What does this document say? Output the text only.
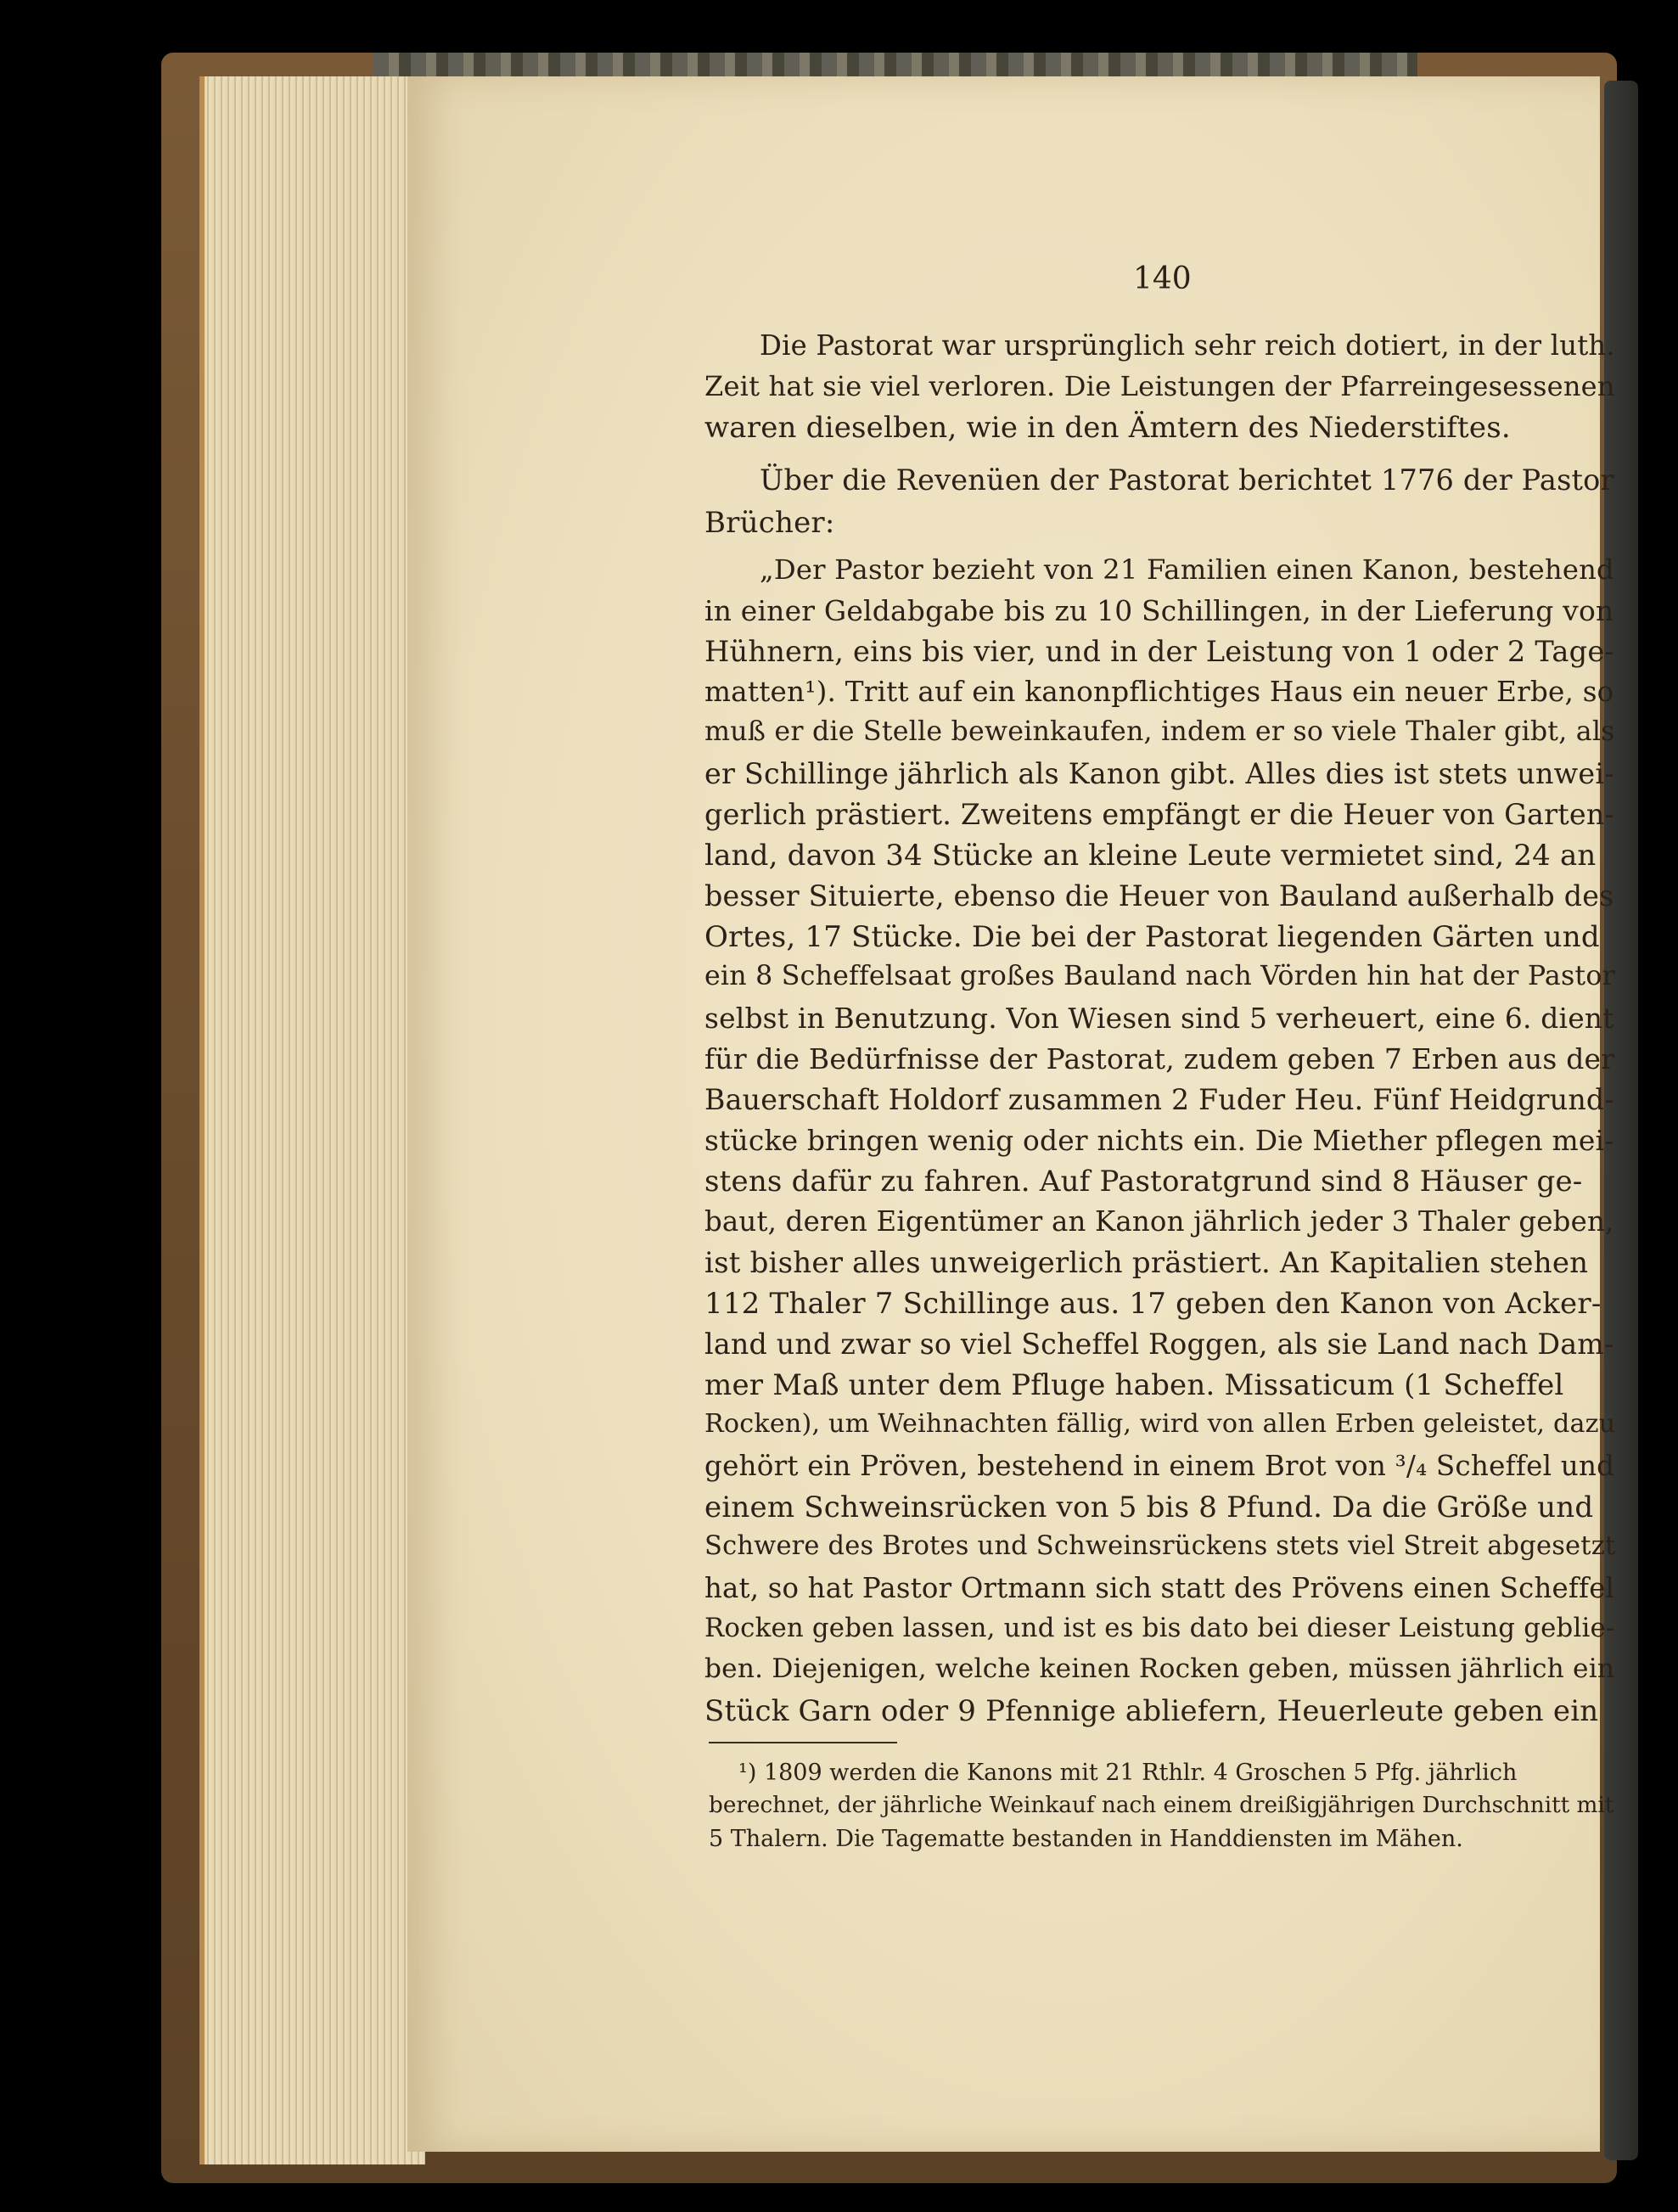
140
Die Pastorat war ursprünglich sehr reich dotiert, in der luth.
Zeit hat sie viel verloren. Die Leistungen der Pfarreingesessenen
waren dieselben, wie in den Ämtern des Niederstiftes.
Über die Revenüen der Pastorat berichtet 1776 der Pastor
Brücher:
„Der Pastor bezieht von 21 Familien einen Kanon, bestehend
in einer Geldabgabe bis zu 10 Schillingen, in der Lieferung von
Hühnern, eins bis vier, und in der Leistung von 1 oder 2 Tage-
matten¹). Tritt auf ein kanonpflichtiges Haus ein neuer Erbe, so
muß er die Stelle beweinkaufen, indem er so viele Thaler gibt, als
er Schillinge jährlich als Kanon gibt. Alles dies ist stets unwei-
gerlich prästiert. Zweitens empfängt er die Heuer von Garten-
land, davon 34 Stücke an kleine Leute vermietet sind, 24 an
besser Situierte, ebenso die Heuer von Bauland außerhalb des
Ortes, 17 Stücke. Die bei der Pastorat liegenden Gärten und
ein 8 Scheffelsaat großes Bauland nach Vörden hin hat der Pastor
selbst in Benutzung. Von Wiesen sind 5 verheuert, eine 6. dient
für die Bedürfnisse der Pastorat, zudem geben 7 Erben aus der
Bauerschaft Holdorf zusammen 2 Fuder Heu. Fünf Heidgrund-
stücke bringen wenig oder nichts ein. Die Miether pflegen mei-
stens dafür zu fahren. Auf Pastoratgrund sind 8 Häuser ge-
baut, deren Eigentümer an Kanon jährlich jeder 3 Thaler geben,
ist bisher alles unweigerlich prästiert. An Kapitalien stehen
112 Thaler 7 Schillinge aus. 17 geben den Kanon von Acker-
land und zwar so viel Scheffel Roggen, als sie Land nach Dam-
mer Maß unter dem Pfluge haben. Missaticum (1 Scheffel
Rocken), um Weihnachten fällig, wird von allen Erben geleistet, dazu
gehört ein Pröven, bestehend in einem Brot von ³/₄ Scheffel und
einem Schweinsrücken von 5 bis 8 Pfund. Da die Größe und
Schwere des Brotes und Schweinsrückens stets viel Streit abgesetzt
hat, so hat Pastor Ortmann sich statt des Prövens einen Scheffel
Rocken geben lassen, und ist es bis dato bei dieser Leistung geblie-
ben. Diejenigen, welche keinen Rocken geben, müssen jährlich ein
Stück Garn oder 9 Pfennige abliefern, Heuerleute geben ein
¹) 1809 werden die Kanons mit 21 Rthlr. 4 Groschen 5 Pfg. jährlich
berechnet, der jährliche Weinkauf nach einem dreißigjährigen Durchschnitt mit
5 Thalern. Die Tagematte bestanden in Handdiensten im Mähen.
